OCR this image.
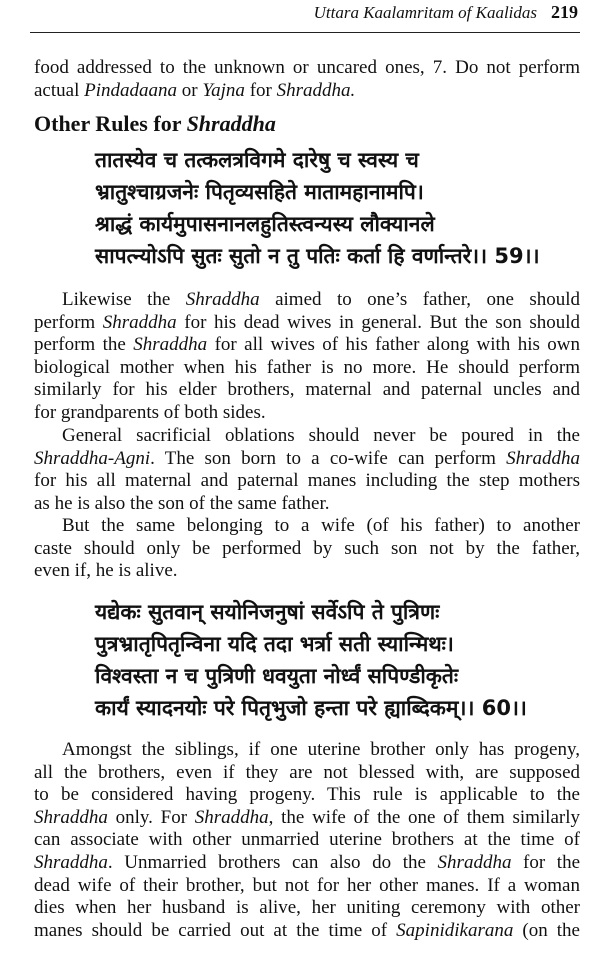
Uttara Kaalamritam of Kaalidas 219
food addressed to the unknown or uncared ones, 7. Do not perform
actual Pindadaana or Yajna for Shraddha.
Other Rules for Shraddha
तातस्येव च तत्कलत्रविगमे दारेषु च स्वस्य च
भ्रातुश्चाग्रजनेः पितृव्यसहिते मातामहानामपि।
श्राद्धं कार्यमुपासनानलहुतिस्त्वन्यस्य लौक्यानले
सापत्न्योऽपि सुतः सुतो न तु पतिः कर्ता हि वर्णान्तरे।। 59।।
Likewise the Shraddha aimed to one’s father, one should
perform Shraddha for his dead wives in general. But the son should
perform the Shraddha for all wives of his father along with his own
biological mother when his father is no more. He should perform
similarly for his elder brothers, maternal and paternal uncles and
for grandparents of both sides.
General sacrificial oblations should never be poured in the
Shraddha-Agni. The son born to a co-wife can perform Shraddha
for his all maternal and paternal manes including the step mothers
as he is also the son of the same father.
But the same belonging to a wife (of his father) to another
caste should only be performed by such son not by the father,
even if, he is alive.
यद्येकः सुतवान् सयोनिजनुषां सर्वेऽपि ते पुत्रिणः
पुत्रभ्रातृपितृन्विना यदि तदा भर्त्रा सती स्यान्मिथः।
विश्वस्ता न च पुत्रिणी धवयुता नोर्ध्वं सपिण्डीकृतेः
कार्यं स्यादनयोः परे पितृभुजो हन्ता परे ह्याब्दिकम्।। 60।।
Amongst the siblings, if one uterine brother only has progeny,
all the brothers, even if they are not blessed with, are supposed
to be considered having progeny. This rule is applicable to the
Shraddha only. For Shraddha, the wife of the one of them similarly
can associate with other unmarried uterine brothers at the time of
Shraddha. Unmarried brothers can also do the Shraddha for the
dead wife of their brother, but not for her other manes. If a woman
dies when her husband is alive, her uniting ceremony with other
manes should be carried out at the time of Sapinidikarana (on the
